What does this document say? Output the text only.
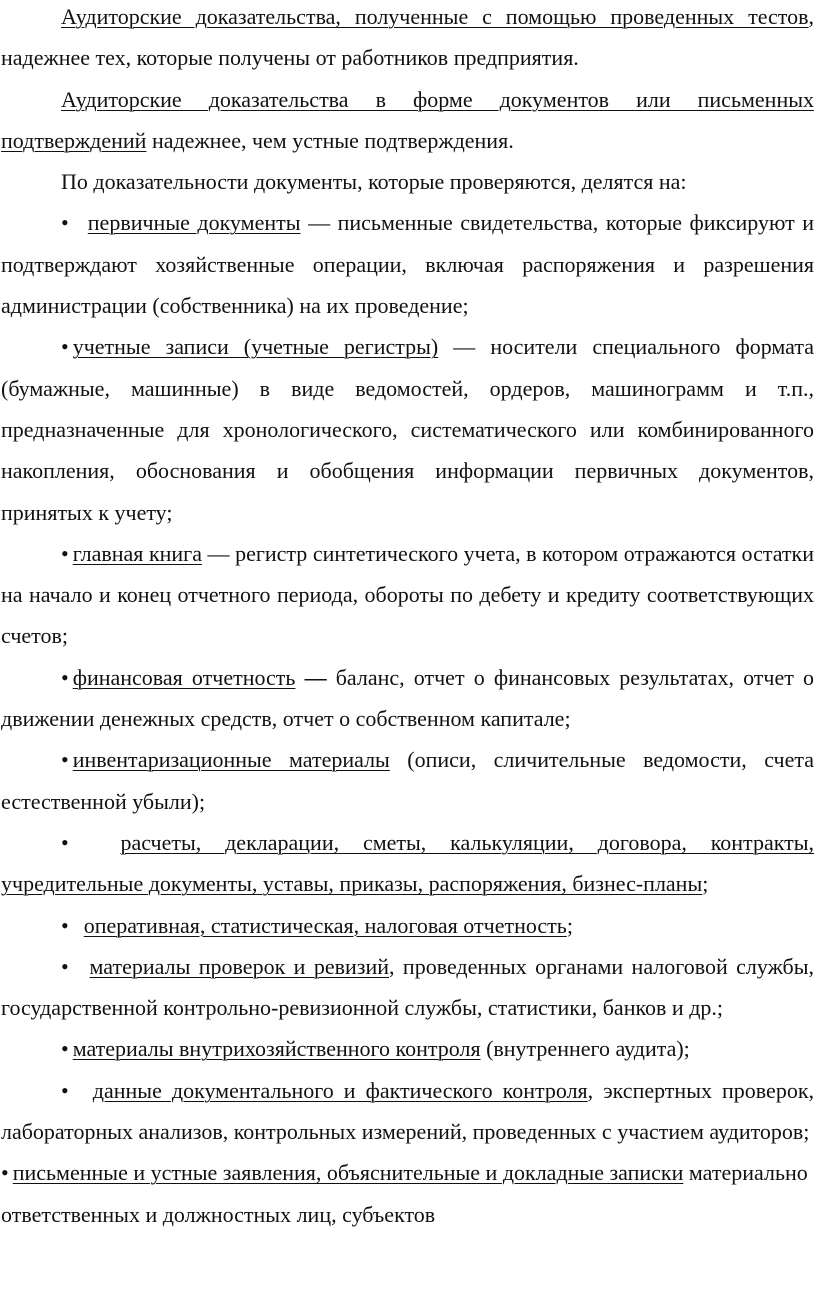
Аудиторские доказательства, полученные с помощью проведенных тестов, надежнее тех, которые получены от работников предприятия.

Аудиторские доказательства в форме документов или письменных подтверждений надежнее, чем устные подтверждения.

По доказательности документы, которые проверяются, делятся на:

• первичные документы — письменные свидетельства, которые фиксируют и подтверждают хозяйственные операции, включая распоряжения и разрешения администрации (собственника) на их проведение;

• учетные записи (учетные регистры) — носители специального формата (бумажные, машинные) в виде ведомостей, ордеров, машинограмм и т.п., предназначенные для хронологического, систематического или комбинированного накопления, обоснования и обобщения информации первичных документов, принятых к учету;

• главная книга — регистр синтетического учета, в котором отражаются остатки на начало и конец отчетного периода, обороты по дебету и кредиту соответствующих счетов;

• финансовая отчетность — баланс, отчет о финансовых результатах, отчет о движении денежных средств, отчет о собственном капитале;

• инвентаризационные материалы (описи, сличительные ведомости, счета естественной убыли);

• расчеты, декларации, сметы, калькуляции, договора, контракты, учредительные документы, уставы, приказы, распоряжения, бизнес-планы;

• оперативная, статистическая, налоговая отчетность;

• материалы проверок и ревизий, проведенных органами налоговой службы, государственной контрольно-ревизионной службы, статистики, банков и др.;

• материалы внутрихозяйственного контроля (внутреннего аудита);

• данные документального и фактического контроля, экспертных проверок, лабораторных анализов, контрольных измерений, проведенных с участием аудиторов;

• письменные и устные заявления, объяснительные и докладные записки материально ответственных и должностных лиц, субъектов
